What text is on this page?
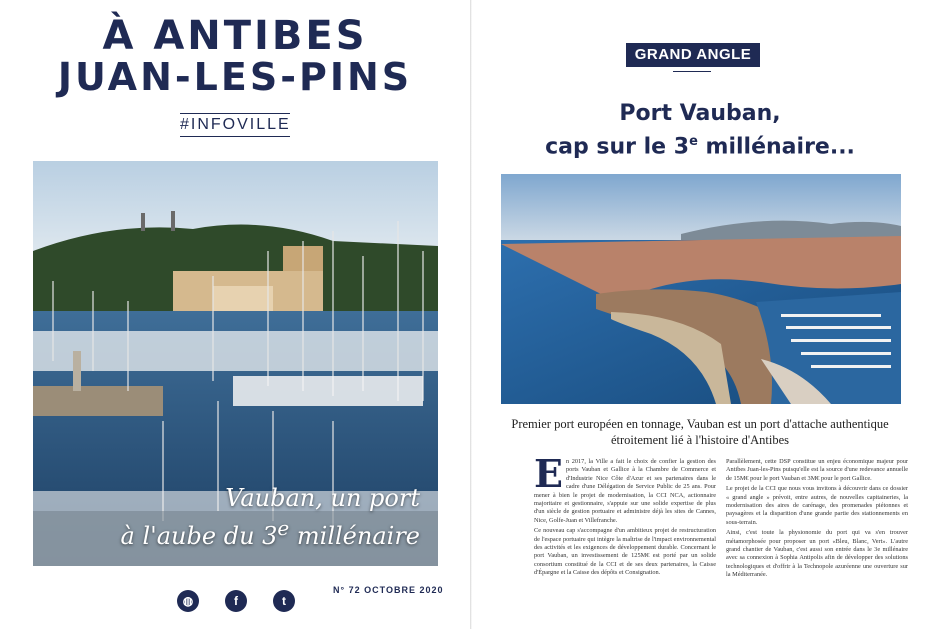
À ANTIBES
JUAN-LES-PINS
#INFOVILLE
Vauban, un port
à l'aube du 3e millénaire
◍	f	t
N° 72 OCTOBRE 2020
GRAND ANGLE
Port Vauban,
cap sur le 3e millénaire...
Premier port européen en tonnage, Vauban est un port d'attache authentique étroitement lié à l'histoire d'Antibes
E n 2017, la Ville a fait le choix de confier la gestion des ports Vauban et Gallice à la Chambre de Commerce et d'Industrie Nice Côte d'Azur et ses partenaires dans le cadre d'une Délégation de Service Public de 25 ans. Pour mener à bien le projet de modernisation, la CCI NCA, actionnaire majoritaire et gestionnaire, s'appuie sur une solide expertise de plus d'un siècle de gestion portuaire et administre déjà les sites de Cannes, Nice, Golfe-Juan et Villefranche.

Ce nouveau cap s'accompagne d'un ambitieux projet de restructuration de l'espace portuaire qui intègre la maîtrise de l'impact environnemental des activités et les exigences de développement durable. Concernant le port Vauban, un investissement de 125M€ est porté par un solide consortium constitué de la CCI et de ses deux partenaires, la Caisse d'Épargne et la Caisse des dépôts et Consignation.

Parallèlement, cette DSP constitue un enjeu économique majeur pour Antibes Juan-les-Pins puisqu'elle est la source d'une redevance annuelle de 15M€ pour le port Vauban et 3M€ pour le port Gallice.

Le projet de la CCI que nous vous invitons à découvrir dans ce dossier « grand angle » prévoit, entre autres, de nouvelles capitaineries, la modernisation des aires de carénage, des promenades piétonnes et paysagères et la disparition d'une grande partie des stationnements en sous-terrain.

Ainsi, c'est toute la physionomie du port qui va s'en trouver métamorphosée pour proposer un port «Bleu, Blanc, Vert». L'autre grand chantier de Vauban, c'est aussi son entrée dans le 3e millénaire avec sa connexion à Sophia Antipolis afin de développer des solutions technologiques et d'offrir à la Technopole azuréenne une ouverture sur la Méditerranée.
